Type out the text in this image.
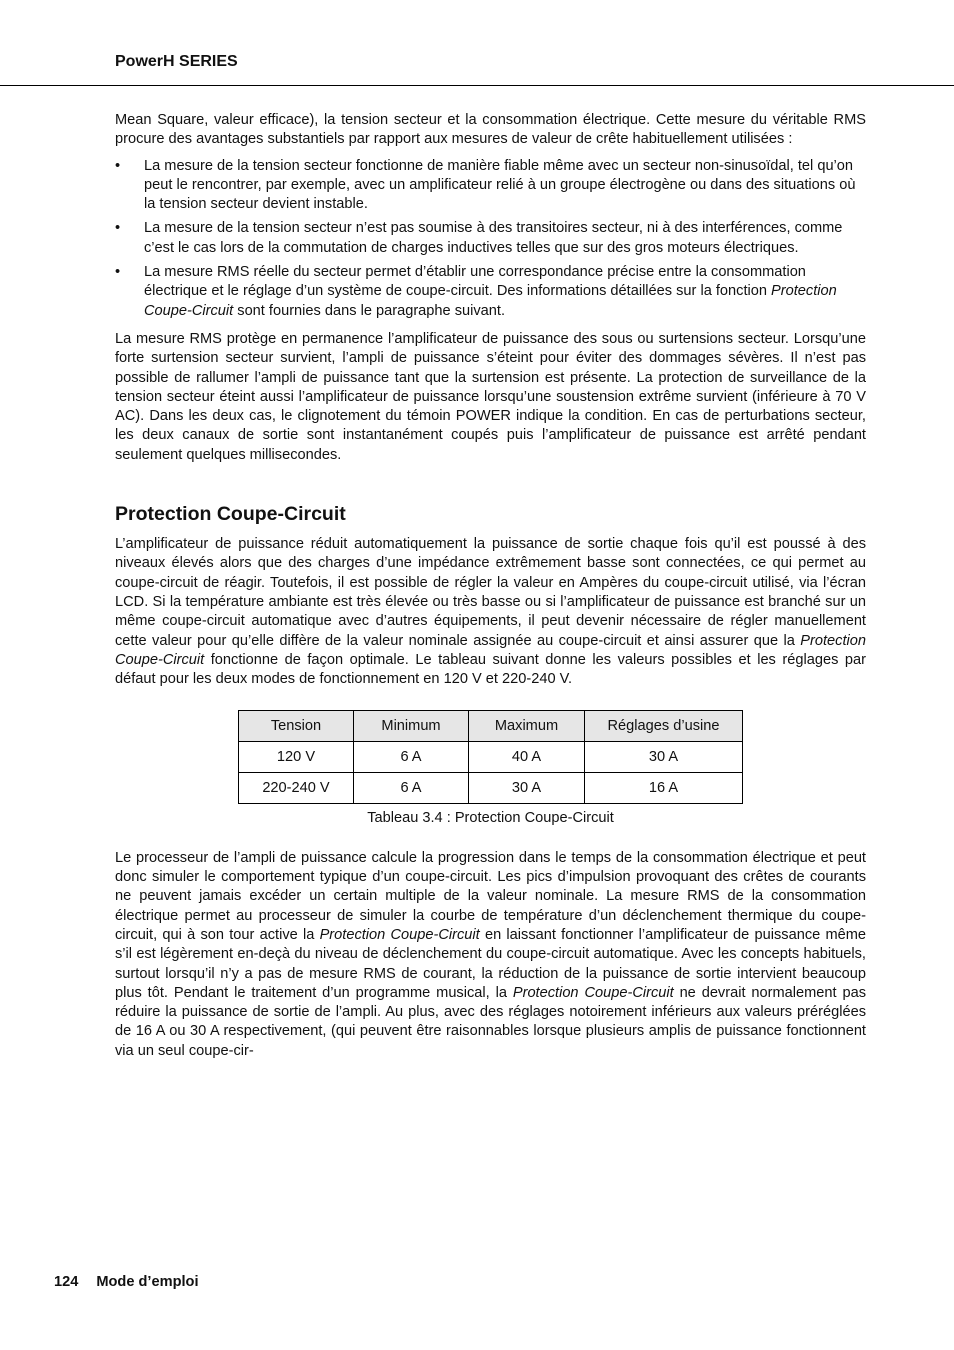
PowerH SERIES

Mean Square, valeur efficace), la tension secteur et la consommation électrique. Cette mesure du véritable RMS procure des avantages substantiels par rapport aux mesures de valeur de crête habituellement utilisées :

• La mesure de la tension secteur fonctionne de manière fiable même avec un secteur non-sinusoïdal, tel qu’on peut le rencontrer, par exemple, avec un amplificateur relié à un groupe électrogène ou dans des situations où la tension secteur devient instable.
• La mesure de la tension secteur n’est pas soumise à des transitoires secteur, ni à des interférences, comme c’est le cas lors de la commutation de charges inductives telles que sur des gros moteurs électriques.
• La mesure RMS réelle du secteur permet d’établir une correspondance précise entre la consommation électrique et le réglage d’un système de coupe-circuit. Des informations détaillées sur la fonction Protection Coupe-Circuit sont fournies dans le paragraphe suivant.

La mesure RMS protège en permanence l’amplificateur de puissance des sous ou surtensions secteur. Lorsqu’une forte surtension secteur survient, l’ampli de puissance s’éteint pour éviter des dommages sévères. Il n’est pas possible de rallumer l’ampli de puissance tant que la surtension est présente. La protection de surveillance de la tension secteur éteint aussi l’amplificateur de puissance lorsqu’une soustension extrême survient (inférieure à 70 V AC). Dans les deux cas, le clignotement du témoin POWER indique la condition. En cas de perturbations secteur, les deux canaux de sortie sont instantanément coupés puis l’amplificateur de puissance est arrêté pendant seulement quelques millisecondes.

Protection Coupe-Circuit

L’amplificateur de puissance réduit automatiquement la puissance de sortie chaque fois qu’il est poussé à des niveaux élevés alors que des charges d’une impédance extrêmement basse sont connectées, ce qui permet au coupe-circuit de réagir. Toutefois, il est possible de régler la valeur en Ampères du coupe-circuit utilisé, via l’écran LCD. Si la température ambiante est très élevée ou très basse ou si l’amplificateur de puissance est branché sur un même coupe-circuit automatique avec d’autres équipements, il peut devenir nécessaire de régler manuellement cette valeur pour qu’elle diffère de la valeur nominale assignée au coupe-circuit et ainsi assurer que la Protection Coupe-Circuit fonctionne de façon optimale. Le tableau suivant donne les valeurs possibles et les réglages par défaut pour les deux modes de fonctionnement en 120 V et 220-240 V.

Tension	Minimum	Maximum	Réglages d’usine
120 V	6 A	40 A	30 A
220-240 V	6 A	30 A	16 A

Tableau 3.4 : Protection Coupe-Circuit

Le processeur de l’ampli de puissance calcule la progression dans le temps de la consommation électrique et peut donc simuler le comportement typique d’un coupe-circuit. Les pics d’impulsion provoquant des crêtes de courants ne peuvent jamais excéder un certain multiple de la valeur nominale. La mesure RMS de la consommation électrique permet au processeur de simuler la courbe de température d’un déclenchement thermique du coupe-circuit, qui à son tour active la Protection Coupe-Circuit en laissant fonctionner l’amplificateur de puissance même s’il est légèrement en-deçà du niveau de déclenchement du coupe-circuit automatique. Avec les concepts habituels, surtout lorsqu’il n’y a pas de mesure RMS de courant, la réduction de la puissance de sortie intervient beaucoup plus tôt. Pendant le traitement d’un programme musical, la Protection Coupe-Circuit ne devrait normalement pas réduire la puissance de sortie de l’ampli. Au plus, avec des réglages notoirement inférieurs aux valeurs préréglées de 16 A ou 30 A respectivement, (qui peuvent être raisonnables lorsque plusieurs amplis de puissance fonctionnent via un seul coupe-cir-

124 Mode d’emploi
